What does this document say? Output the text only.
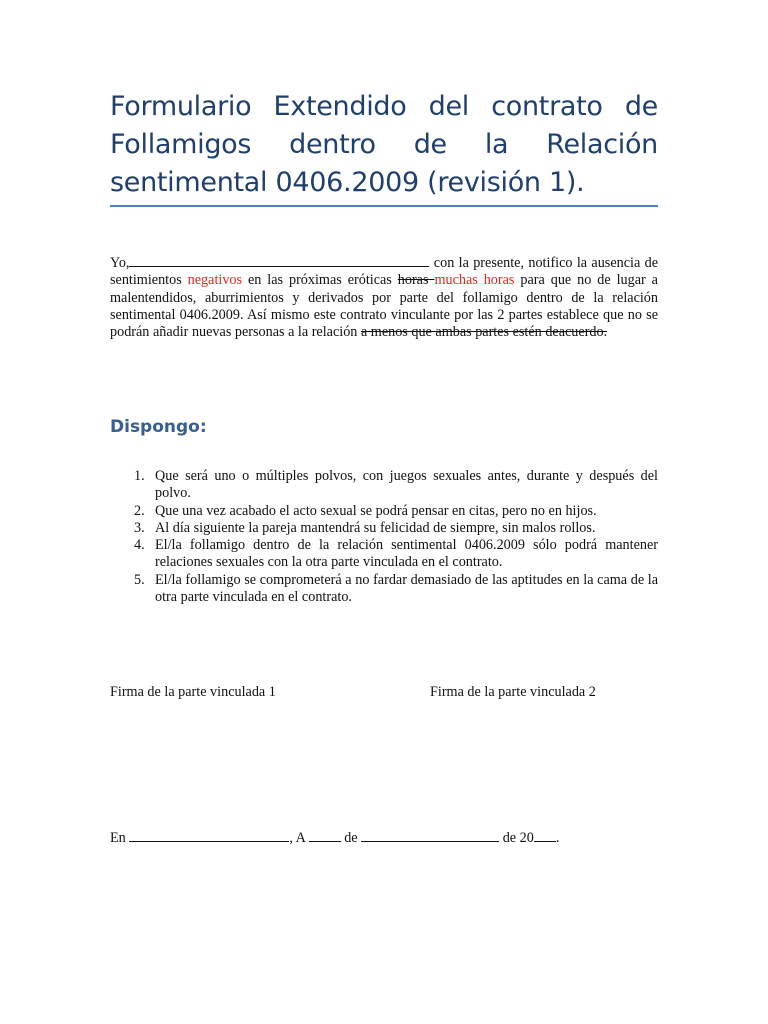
Formulario Extendido del contrato de Follamigos dentro de la Relación sentimental 0406.2009 (revisión 1).

Yo,	con la presente, notifico la ausencia de sentimientos negativos en las próximas eróticas horas muchas horas para que no de lugar a malentendidos, aburrimientos y derivados por parte del follamigo dentro de la relación sentimental 0406.2009. Así mismo este contrato vinculante por las 2 partes establece que no se podrán añadir nuevas personas a la relación a menos que ambas partes estén deacuerdo.

Dispongo:
1. Que será uno o múltiples polvos, con juegos sexuales antes, durante y después del polvo.
2. Que una vez acabado el acto sexual se podrá pensar en citas, pero no en hijos.
3. Al día siguiente la pareja mantendrá su felicidad de siempre, sin malos rollos.
4. El/la follamigo dentro de la relación sentimental 0406.2009 sólo podrá mantener relaciones sexuales con la otra parte vinculada en el contrato.
5. El/la follamigo se comprometerá a no fardar demasiado de las aptitudes en la cama de la otra parte vinculada en el contrato.

Firma de la parte vinculada 1	Firma de la parte vinculada 2

En	, A	de	de 20 .
